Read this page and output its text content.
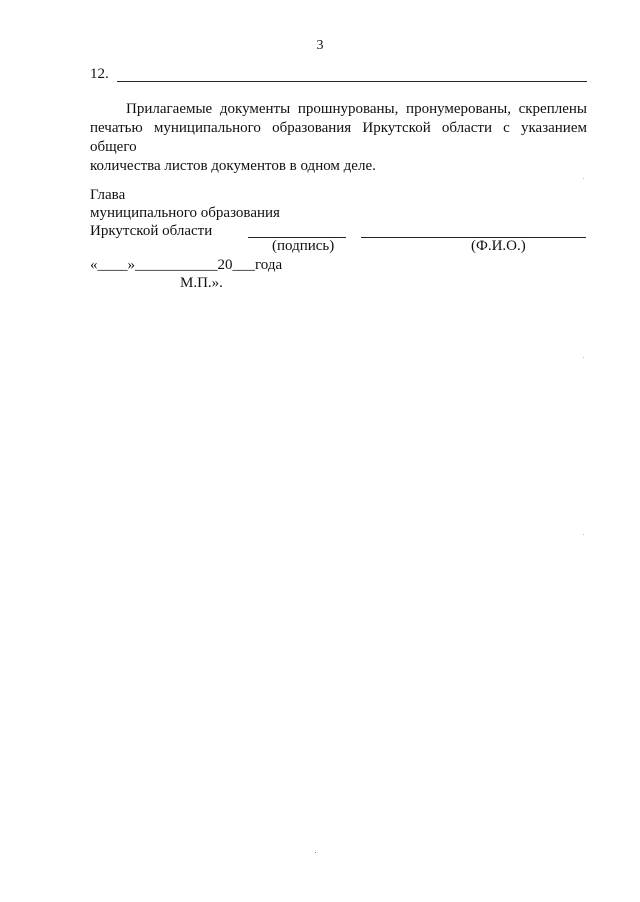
3
12.
Прилагаемые документы прошнурованы, пронумерованы, скреплены
печатью муниципального образования Иркутской области с указанием общего
количества листов документов в одном деле.
Глава
муниципального образования
Иркутской области
(подпись)	(Ф.И.О.)
«____»___________20___года
М.П.».
